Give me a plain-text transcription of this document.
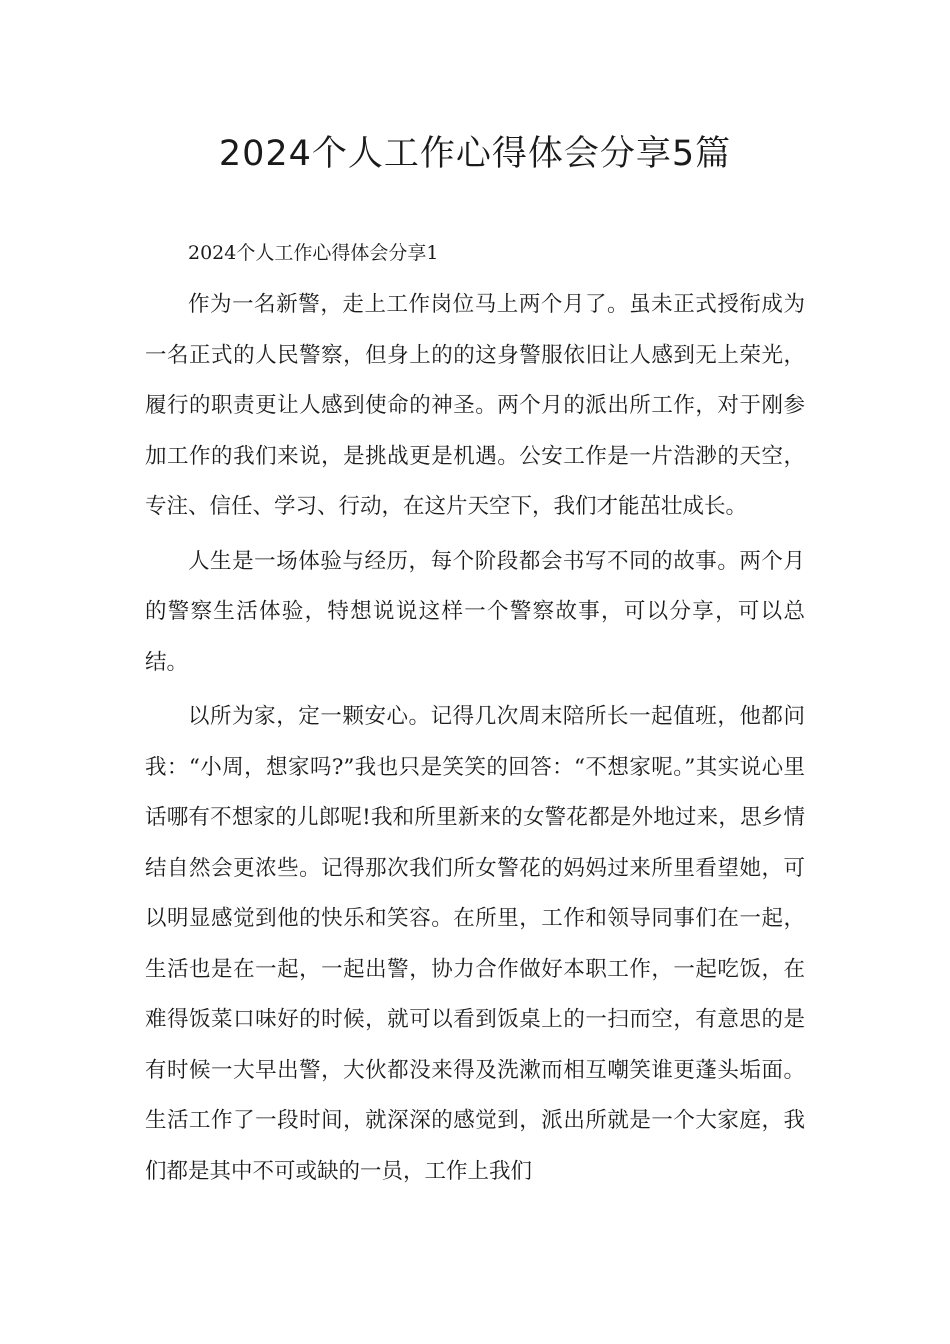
2024个人工作心得体会分享5篇

2024个人工作心得体会分享1

作为一名新警，走上工作岗位马上两个月了。虽未正式授衔成为一名正式的人民警察，但身上的的这身警服依旧让人感到无上荣光，履行的职责更让人感到使命的神圣。两个月的派出所工作，对于刚参加工作的我们来说，是挑战更是机遇。公安工作是一片浩渺的天空，专注、信任、学习、行动，在这片天空下，我们才能茁壮成长。

人生是一场体验与经历，每个阶段都会书写不同的故事。两个月的警察生活体验，特想说说这样一个警察故事，可以分享，可以总结。

以所为家，定一颗安心。记得几次周末陪所长一起值班，他都问我：“小周，想家吗?”我也只是笑笑的回答：“不想家呢。”其实说心里话哪有不想家的儿郎呢!我和所里新来的女警花都是外地过来，思乡情结自然会更浓些。记得那次我们所女警花的妈妈过来所里看望她，可以明显感觉到他的快乐和笑容。在所里，工作和领导同事们在一起，生活也是在一起，一起出警，协力合作做好本职工作，一起吃饭，在难得饭菜口味好的时候，就可以看到饭桌上的一扫而空，有意思的是有时候一大早出警，大伙都没来得及洗漱而相互嘲笑谁更蓬头垢面。生活工作了一段时间，就深深的感觉到，派出所就是一个大家庭，我们都是其中不可或缺的一员，工作上我们
